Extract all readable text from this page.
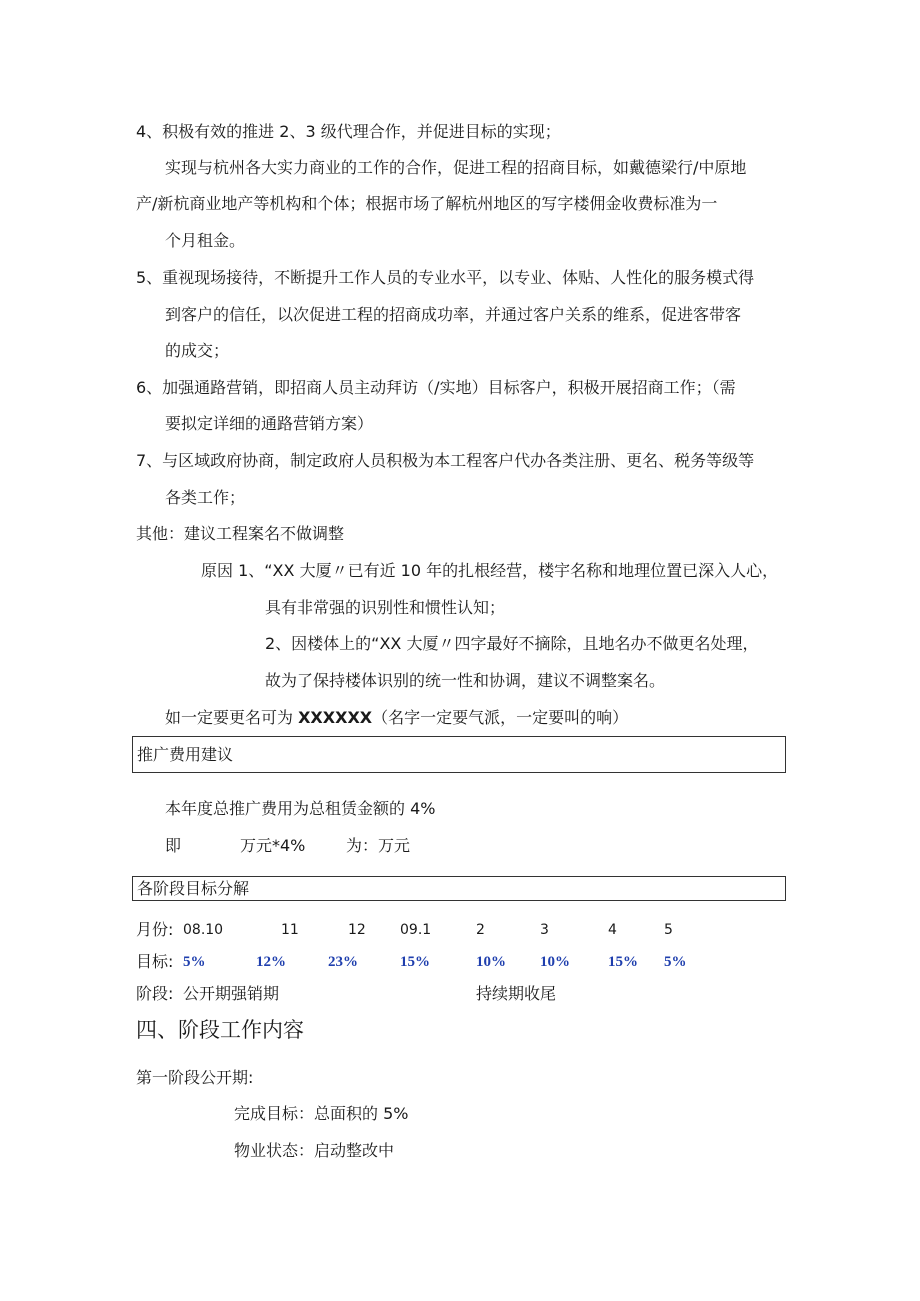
4、积极有效的推进 2、3 级代理合作，并促进目标的实现；
实现与杭州各大实力商业的工作的合作，促进工程的招商目标，如戴德梁行/中原地
产/新杭商业地产等机构和个体；根据市场了解杭州地区的写字楼佣金收费标准为一
个月租金。
5、重视现场接待，不断提升工作人员的专业水平，以专业、体贴、人性化的服务模式得
到客户的信任，以次促进工程的招商成功率，并通过客户关系的维系，促进客带客
的成交；
6、加强通路营销，即招商人员主动拜访（/实地）目标客户，积极开展招商工作；（需
要拟定详细的通路营销方案）
7、与区域政府协商，制定政府人员积极为本工程客户代办各类注册、更名、税务等级等
各类工作；
其他：建议工程案名不做调整
原因 1、“XX 大厦〃已有近 10 年的扎根经营，楼宇名称和地理位置已深入人心，
具有非常强的识别性和惯性认知；
2、因楼体上的“XX 大厦〃四字最好不摘除，且地名办不做更名处理，
故为了保持楼体识别的统一性和协调，建议不调整案名。
如一定要更名可为 XXXXXX（名字一定要气派，一定要叫的响）
推广费用建议
本年度总推广费用为总租赁金额的 4%
即	万元*4%	为：万元
各阶段目标分解
月份: 08.10	11	12 09.1	2	3	4	5
目标: 5%	12%	23%	15%	10% 10%	15% 5%
阶段: 公开期强销期	持续期收尾
四、阶段工作内容
第一阶段公开期:
完成目标：总面积的 5%
物业状态：启动整改中
